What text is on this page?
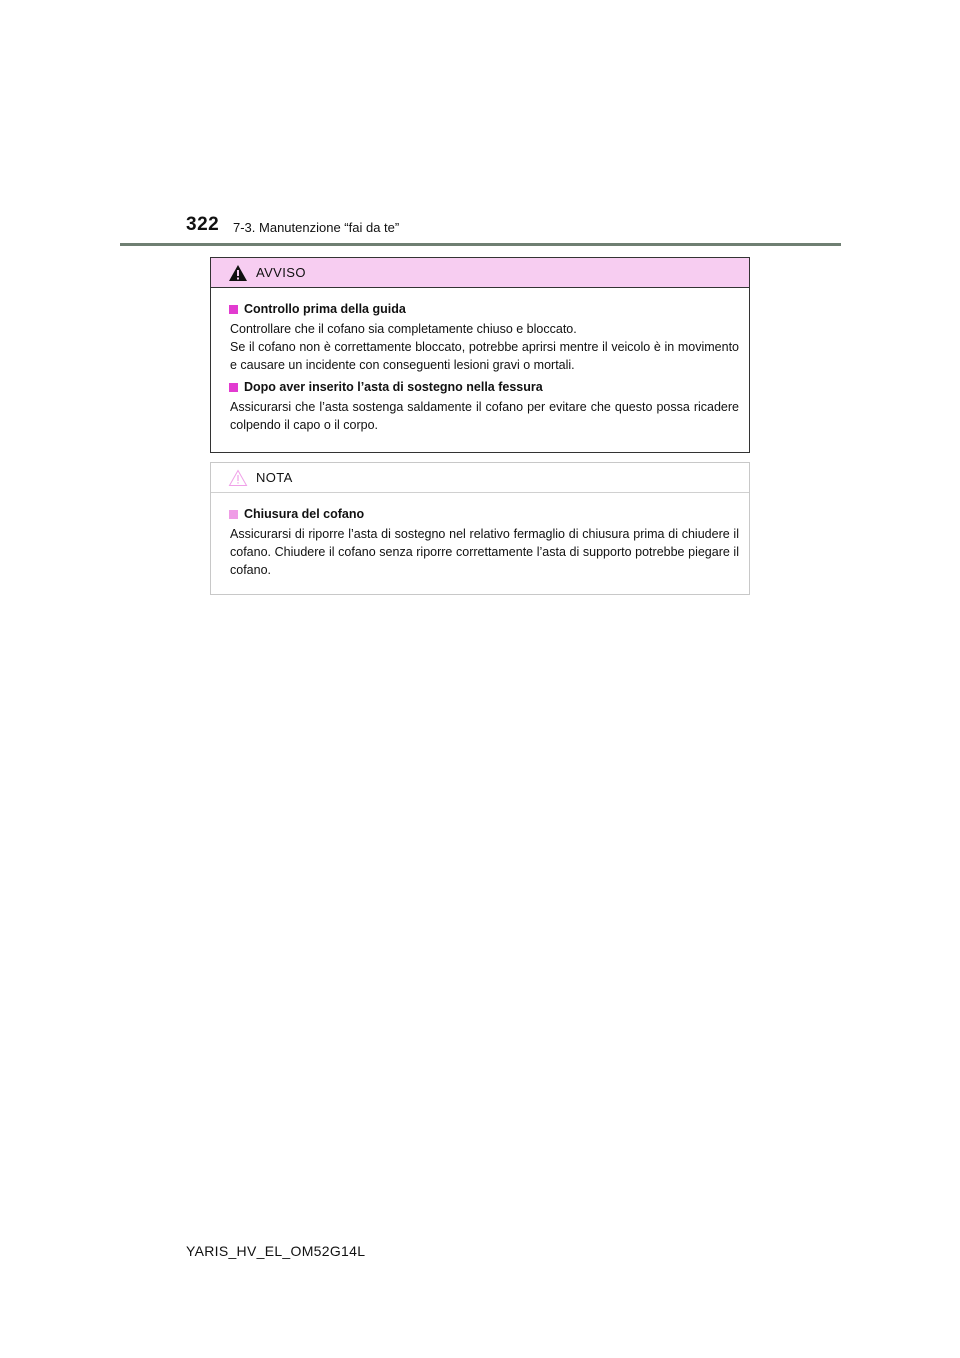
322 7-3. Manutenzione “fai da te”
AVVISO
Controllo prima della guida
Controllare che il cofano sia completamente chiuso e bloccato.
Se il cofano non è correttamente bloccato, potrebbe aprirsi mentre il veicolo è in movimento e causare un incidente con conseguenti lesioni gravi o mortali.
Dopo aver inserito l’asta di sostegno nella fessura
Assicurarsi che l’asta sostenga saldamente il cofano per evitare che questo possa ricadere colpendo il capo o il corpo.
NOTA
Chiusura del cofano
Assicurarsi di riporre l’asta di sostegno nel relativo fermaglio di chiusura prima di chiudere il cofano. Chiudere il cofano senza riporre correttamente l’asta di supporto potrebbe piegare il cofano.
YARIS_HV_EL_OM52G14L
